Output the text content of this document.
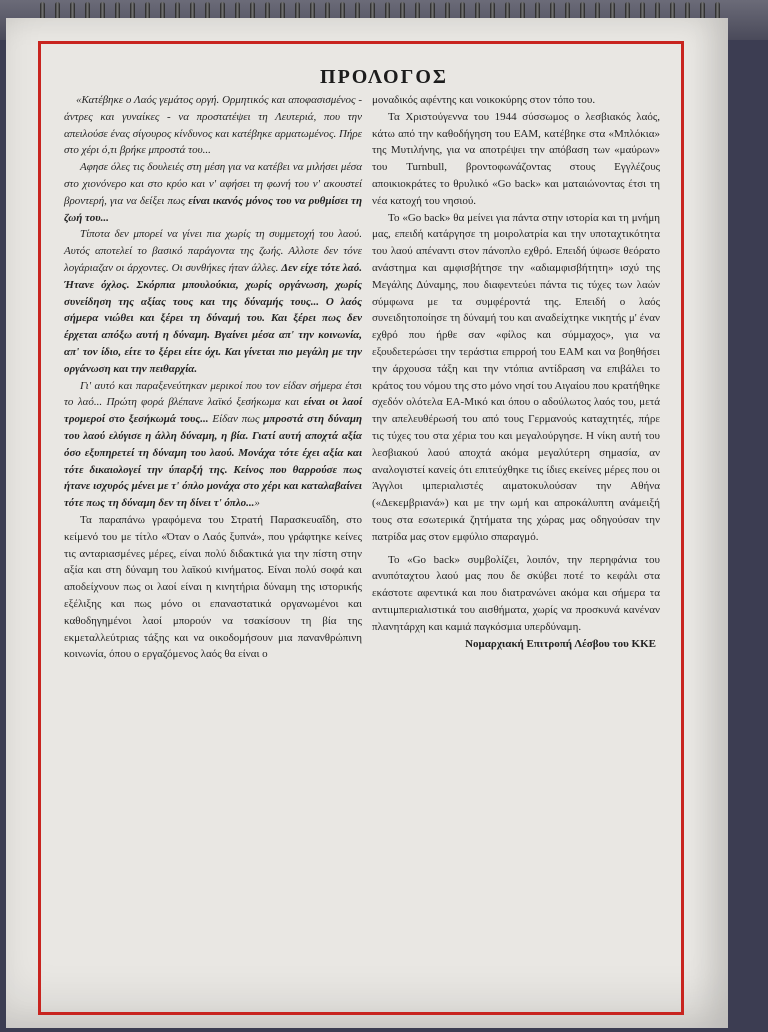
ΠΡΟΛΟΓΟΣ

«Κατέβηκε ο Λαός γεμάτος οργή. Ορμητικός και αποφασισμένος - άντρες και γυναίκες - να προστατέψει τη Λευτεριά, που την απειλούσε ένας σίγουρος κίνδυνος και κατέβηκε αρματωμένος. Πήρε στο χέρι ό,τι βρήκε μπροστά του...

Αφησε όλες τις δουλειές στη μέση για να κατέβει να μιλήσει μέσα στο χιονόνερο και στο κρύο και ν' αφήσει τη φωνή του ν' ακουστεί βροντερή, για να δείξει πως είναι ικανός μόνος του να ρυθμίσει τη ζωή του...

Τίποτα δεν μπορεί να γίνει πια χωρίς τη συμμετοχή του λαού. Αυτός αποτελεί το βασικό παράγοντα της ζωής. Αλλοτε δεν τόνε λογάριαζαν οι άρχοντες. Οι συνθήκες ήταν άλλες. Δεν είχε τότε λαό. Ήτανε όχλος. Σκόρπια μπουλούκια, χωρίς οργάνωση, χωρίς συνείδηση της αξίας τους και της δύναμής τους... Ο λαός σήμερα νιώθει και ξέρει τη δύναμή του. Και ξέρει πως δεν έρχεται απόξω αυτή η δύναμη. Βγαίνει μέσα απ' την κοινωνία, απ' τον ίδιο, είτε το ξέρει είτε όχι. Και γίνεται πιο μεγάλη με την οργάνωση και την πειθαρχία.

Γι' αυτό και παραξενεύτηκαν μερικοί που τον είδαν σήμερα έτσι το λαό... Πρώτη φορά βλέπανε λαϊκό ξεσήκωμα και είναι οι λαοί τρομεροί στο ξεσήκωμά τους... Είδαν πως μπροστά στη δύναμη του λαού ελύγισε η άλλη δύναμη, η βία. Γιατί αυτή αποχτά αξία όσο εξυπηρετεί τη δύναμη του λαού. Μονάχα τότε έχει αξία και τότε δικαιολογεί την ύπαρξή της. Κείνος που θαρρούσε πως ήτανε ισχυρός μένει με τ' όπλο μονάχα στο χέρι και καταλαβαίνει τότε πως τη δύναμη δεν τη δίνει τ' όπλο...»

Τα παραπάνω γραφόμενα του Στρατή Παρασκευαΐδη, στο κείμενό του με τίτλο «Όταν ο Λαός ξυπνά», που γράφτηκε κείνες τις ανταριασμένες μέρες, είναι πολύ διδακτικά για την πίστη στην αξία και στη δύναμη του λαϊκού κινήματος. Είναι πολύ σοφά και αποδείχνουν πως οι λαοί είναι η κινητήρια δύναμη της ιστορικής εξέλιξης και πως μόνο οι επαναστατικά οργανωμένοι και καθοδηγημένοι λαοί μπορούν να τσακίσουν τη βία της εκμεταλλεύτριας τάξης και να οικοδομήσουν μια πανανθρώπινη κοινωνία, όπου ο εργαζόμενος λαός θα είναι ο

μοναδικός αφέντης και νοικοκύρης στον τόπο του.

Τα Χριστούγεννα του 1944 σύσσωμος ο λεσβιακός λαός, κάτω από την καθοδήγηση του ΕΑΜ, κατέβηκε στα «Μπλόκια» της Μυτιλήνης, για να αποτρέψει την απόβαση των «μαύρων» του Turnbull, βροντοφωνάζοντας στους Εγγλέζους αποικιοκράτες το θρυλικό «Go back» και ματαιώνοντας έτσι τη νέα κατοχή του νησιού.

Το «Go back» θα μείνει για πάντα στην ιστορία και τη μνήμη μας, επειδή κατάργησε τη μοιρολατρία και την υποταχτικότητα του λαού απέναντι στον πάνοπλο εχθρό. Επειδή ύψωσε θεόρατο ανάστημα και αμφισβήτησε την «αδιαμφισβήτητη» ισχύ της Μεγάλης Δύναμης, που διαφεντεύει πάντα τις τύχες των λαών σύμφωνα με τα συμφέροντά της. Επειδή ο λαός συνειδητοποίησε τη δύναμή του και αναδείχτηκε νικητής μ' έναν εχθρό που ήρθε σαν «φίλος και σύμμαχος», για να εξουδετερώσει την τεράστια επιρροή του ΕΑΜ και να βοηθήσει την άρχουσα τάξη και την ντόπια αντίδραση να επιβάλει το κράτος του νόμου της στο μόνο νησί του Αιγαίου που κρατήθηκε σχεδόν ολότελα ΕΑ-Μικό και όπου ο αδούλωτος λαός του, μετά την απελευθέρωσή του από τους Γερμανούς καταχτητές, πήρε τις τύχες του στα χέρια του και μεγαλούργησε. Η νίκη αυτή του λεσβιακού λαού αποχτά ακόμα μεγαλύτερη σημασία, αν αναλογιστεί κανείς ότι επιτεύχθηκε τις ίδιες εκείνες μέρες που οι Άγγλοι ιμπεριαλιστές αιματοκυλούσαν την Αθήνα («Δεκεμβριανά») και με την ωμή και απροκάλυπτη ανάμειξή τους στα εσωτερικά ζητήματα της χώρας μας οδηγούσαν την πατρίδα μας στον εμφύλιο σπαραγμό.

Το «Go back» συμβολίζει, λοιπόν, την περηφάνια του ανυπόταχτου λαού μας που δε σκύβει ποτέ το κεφάλι στα εκάστοτε αφεντικά και που διατρανώνει ακόμα και σήμερα τα αντιιμπεριαλιστικά του αισθήματα, χωρίς να προσκυνά κανέναν πλανητάρχη και καμιά παγκόσμια υπερδύναμη.

Νομαρχιακή Επιτροπή Λέσβου του ΚΚΕ
